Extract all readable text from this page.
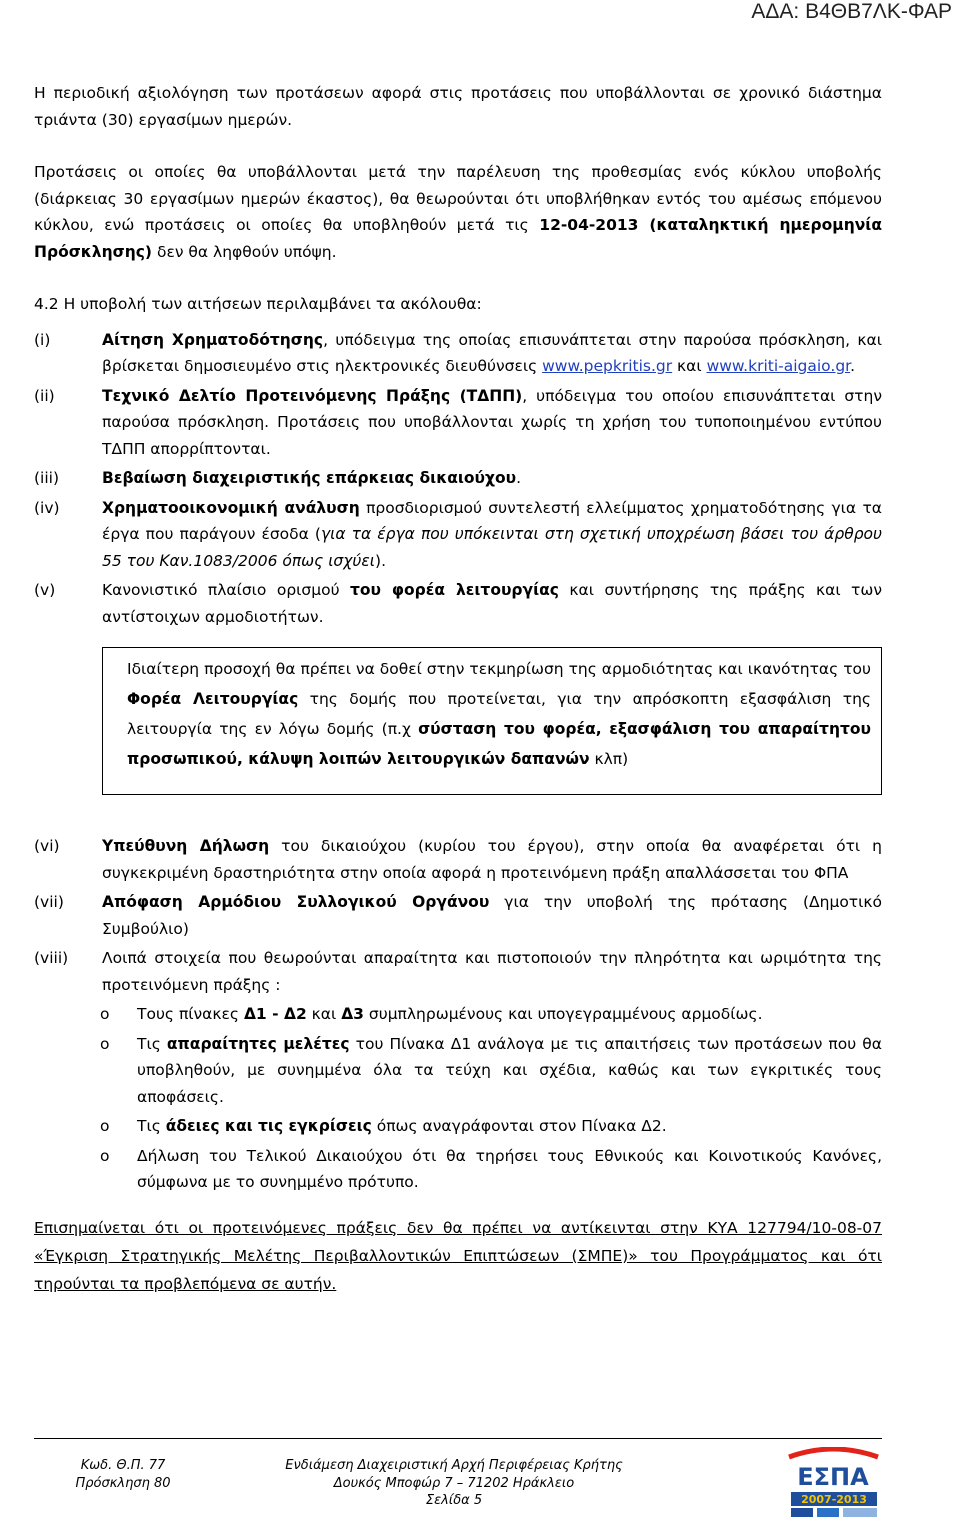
ΑΔΑ: Β4ΘΒ7ΛΚ-ΦΑΡ

Η περιοδική αξιολόγηση των προτάσεων αφορά στις προτάσεις που υποβάλλονται σε χρονικό διάστημα τριάντα (30) εργασίμων ημερών.

Προτάσεις οι οποίες θα υποβάλλονται μετά την παρέλευση της προθεσμίας ενός κύκλου υποβολής (διάρκειας 30 εργασίμων ημερών έκαστος), θα θεωρούνται ότι υποβλήθηκαν εντός του αμέσως επόμενου κύκλου, ενώ προτάσεις οι οποίες θα υποβληθούν μετά τις 12-04-2013 (καταληκτική ημερομηνία Πρόσκλησης) δεν θα ληφθούν υπόψη.

4.2 Η υποβολή των αιτήσεων περιλαμβάνει τα ακόλουθα:

(i)	Αίτηση Χρηματοδότησης, υπόδειγμα της οποίας επισυνάπτεται στην παρούσα πρόσκληση, και βρίσκεται δημοσιευμένο στις ηλεκτρονικές διευθύνσεις www.pepkritis.gr και www.kriti-aigaio.gr.
(ii)	Τεχνικό Δελτίο Προτεινόμενης Πράξης (ΤΔΠΠ), υπόδειγμα του οποίου επισυνάπτεται στην παρούσα πρόσκληση. Προτάσεις που υποβάλλονται χωρίς τη χρήση του τυποποιημένου εντύπου ΤΔΠΠ απορρίπτονται.
(iii)	Βεβαίωση διαχειριστικής επάρκειας δικαιούχου.
(iv)	Χρηματοοικονομική ανάλυση προσδιορισμού συντελεστή ελλείμματος χρηματοδότησης για τα έργα που παράγουν έσοδα (για τα έργα που υπόκεινται στη σχετική υποχρέωση βάσει του άρθρου 55 του Καν.1083/2006 όπως ισχύει).
(v)	Κανονιστικό πλαίσιο ορισμού του φορέα λειτουργίας και συντήρησης της πράξης και των αντίστοιχων αρμοδιοτήτων.

Ιδιαίτερη προσοχή θα πρέπει να δοθεί στην τεκμηρίωση της αρμοδιότητας και ικανότητας του Φορέα Λειτουργίας της δομής που προτείνεται, για την απρόσκοπτη εξασφάλιση της λειτουργία της εν λόγω δομής (π.χ σύσταση του φορέα, εξασφάλιση του απαραίτητου προσωπικού, κάλυψη λοιπών λειτουργικών δαπανών κλπ)

(vi)	Υπεύθυνη Δήλωση του δικαιούχου (κυρίου του έργου), στην οποία θα αναφέρεται ότι η συγκεκριμένη δραστηριότητα στην οποία αφορά η προτεινόμενη πράξη απαλλάσσεται του ΦΠΑ
(vii)	Απόφαση Αρμόδιου Συλλογικού Οργάνου για την υποβολή της πρότασης (Δημοτικό Συμβούλιο)
(viii)	Λοιπά στοιχεία που θεωρούνται απαραίτητα και πιστοποιούν την πληρότητα και ωριμότητα της προτεινόμενη πράξης :
o	Τους πίνακες Δ1 - Δ2 και Δ3 συμπληρωμένους και υπογεγραμμένους αρμοδίως.
o	Τις απαραίτητες μελέτες του Πίνακα Δ1 ανάλογα με τις απαιτήσεις των προτάσεων που θα υποβληθούν, με συνημμένα όλα τα τεύχη και σχέδια, καθώς και των εγκριτικές τους αποφάσεις.
o	Τις άδειες και τις εγκρίσεις όπως αναγράφονται στον Πίνακα Δ2.
o	Δήλωση του Τελικού Δικαιούχου ότι θα τηρήσει τους Εθνικούς και Κοινοτικούς Κανόνες, σύμφωνα με το συνημμένο πρότυπο.

Επισημαίνεται ότι οι προτεινόμενες πράξεις δεν θα πρέπει να αντίκεινται στην ΚΥΑ 127794/10-08-07 «Έγκριση Στρατηγικής Μελέτης Περιβαλλοντικών Επιπτώσεων (ΣΜΠΕ)» του Προγράμματος και ότι τηρούνται τα προβλεπόμενα σε αυτήν.

Κωδ. Θ.Π. 77
Πρόσκληση 80
Ενδιάμεση Διαχειριστική Αρχή Περιφέρειας Κρήτης
Δουκός Μποφώρ 7 – 71202 Ηράκλειο
Σελίδα 5
ΕΣΠΑ
2007-2013
